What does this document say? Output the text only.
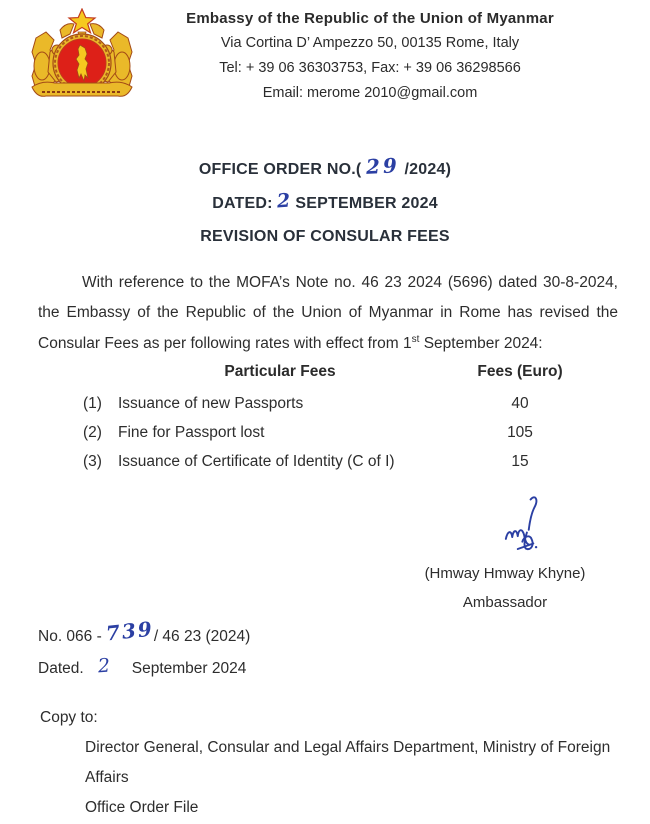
Embassy of the Republic of the Union of Myanmar
Via Cortina D’ Ampezzo 50, 00135 Rome, Italy
Tel: + 39 06 36303753, Fax: + 39 06 36298566
Email: merome 2010@gmail.com
OFFICE ORDER NO.( 29 /2024)
DATED: 2 SEPTEMBER 2024
REVISION OF CONSULAR FEES

With reference to the MOFA’s Note no. 46 23 2024 (5696) dated 30-8-2024, the Embassy of the Republic of the Union of Myanmar in Rome has revised the Consular Fees as per following rates with effect from 1st September 2024:

Particular Fees	Fees (Euro)
(1)	Issuance of new Passports	40
(2)	Fine for Passport lost	105
(3)	Issuance of Certificate of Identity (C of I)	15
(Hmway Hmway Khyne)
Ambassador
No. 066 - 739/ 46 23 (2024)
Dated. 2 September 2024
Copy to:
Director General, Consular and Legal Affairs Department, Ministry of Foreign Affairs
Office Order File
